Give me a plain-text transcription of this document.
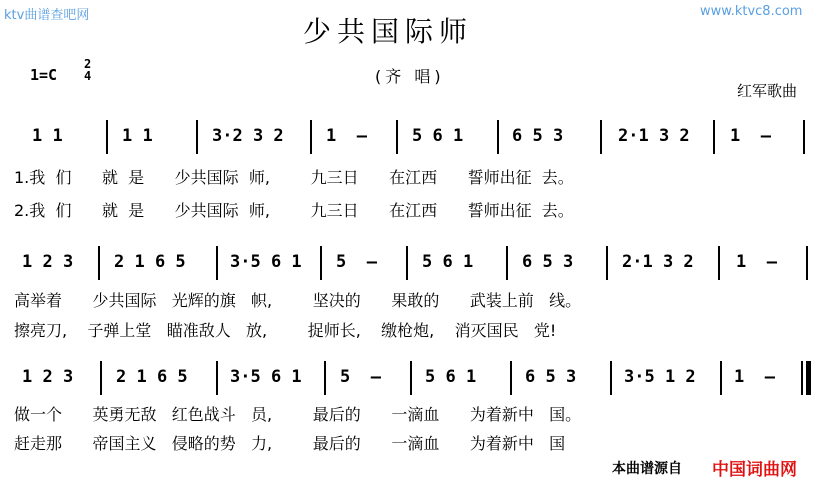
ktv曲谱查吧网	www.ktvc8.com
少共国际师
(齐 唱)
1=C
2
4
红军歌曲
1 1	1 1	3·2 3 2 1  –	5 6 1	6 5 3	2·1 3 2 1  –
1.我  们      就  是      少共国际  师,        九三日      在江西      誓师出征  去。
2.我  们      就  是      少共国际  师,        九三日      在江西      誓师出征  去。
1 2 3 2 1 6 5	3·5 6 1 5  –	5 6 1	6 5 3	2·1 3 2 1  –
高举着      少共国际   光辉的旗   帜,        坚决的      果敢的      武装上前   线。
擦亮刀,    子弹上堂   瞄准敌人   放,        捉师长,    缴枪炮,    消灭国民   党!
1 2 3	2 1 6 5 3·5 6 1 5  –	5 6 1	6 5 3	3·5 1 2 1  –
做一个      英勇无敌   红色战斗   员,        最后的      一滴血      为着新中   国。
赶走那      帝国主义   侵略的势   力,        最后的      一滴血      为着新中   国
本曲谱源自 中国词曲网
